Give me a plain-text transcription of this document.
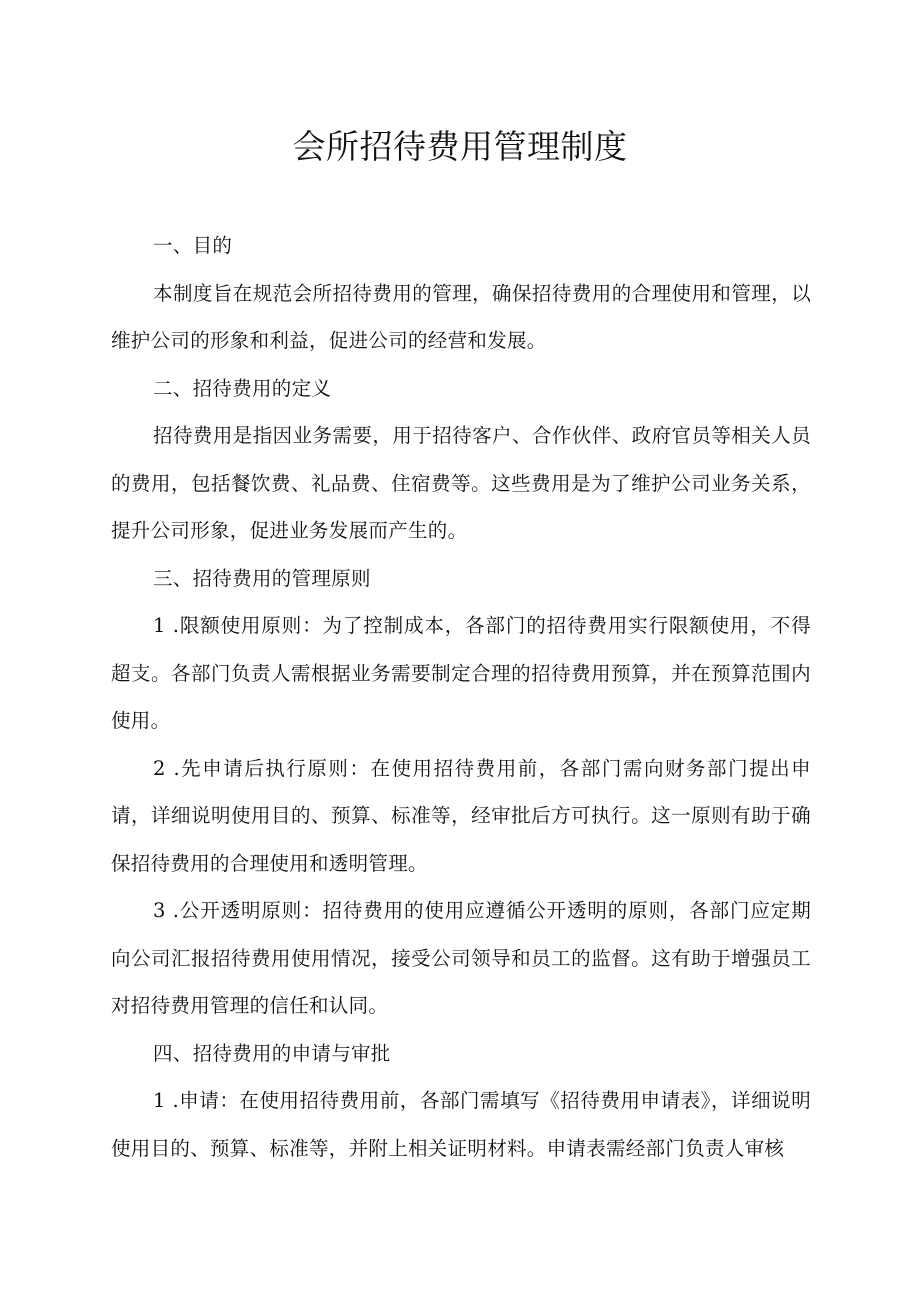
会所招待费用管理制度

一、目的

本制度旨在规范会所招待费用的管理，确保招待费用的合理使用和管理，以维护公司的形象和利益，促进公司的经营和发展。

二、招待费用的定义

招待费用是指因业务需要，用于招待客户、合作伙伴、政府官员等相关人员的费用，包括餐饮费、礼品费、住宿费等。这些费用是为了维护公司业务关系，提升公司形象，促进业务发展而产生的。

三、招待费用的管理原则

1 .限额使用原则：为了控制成本，各部门的招待费用实行限额使用，不得超支。各部门负责人需根据业务需要制定合理的招待费用预算，并在预算范围内使用。

2 .先申请后执行原则：在使用招待费用前，各部门需向财务部门提出申请，详细说明使用目的、预算、标准等，经审批后方可执行。这一原则有助于确保招待费用的合理使用和透明管理。

3 .公开透明原则：招待费用的使用应遵循公开透明的原则，各部门应定期向公司汇报招待费用使用情况，接受公司领导和员工的监督。这有助于增强员工对招待费用管理的信任和认同。

四、招待费用的申请与审批

1 .申请：在使用招待费用前，各部门需填写《招待费用申请表》，详细说明使用目的、预算、标准等，并附上相关证明材料。申请表需经部门负责人审核
